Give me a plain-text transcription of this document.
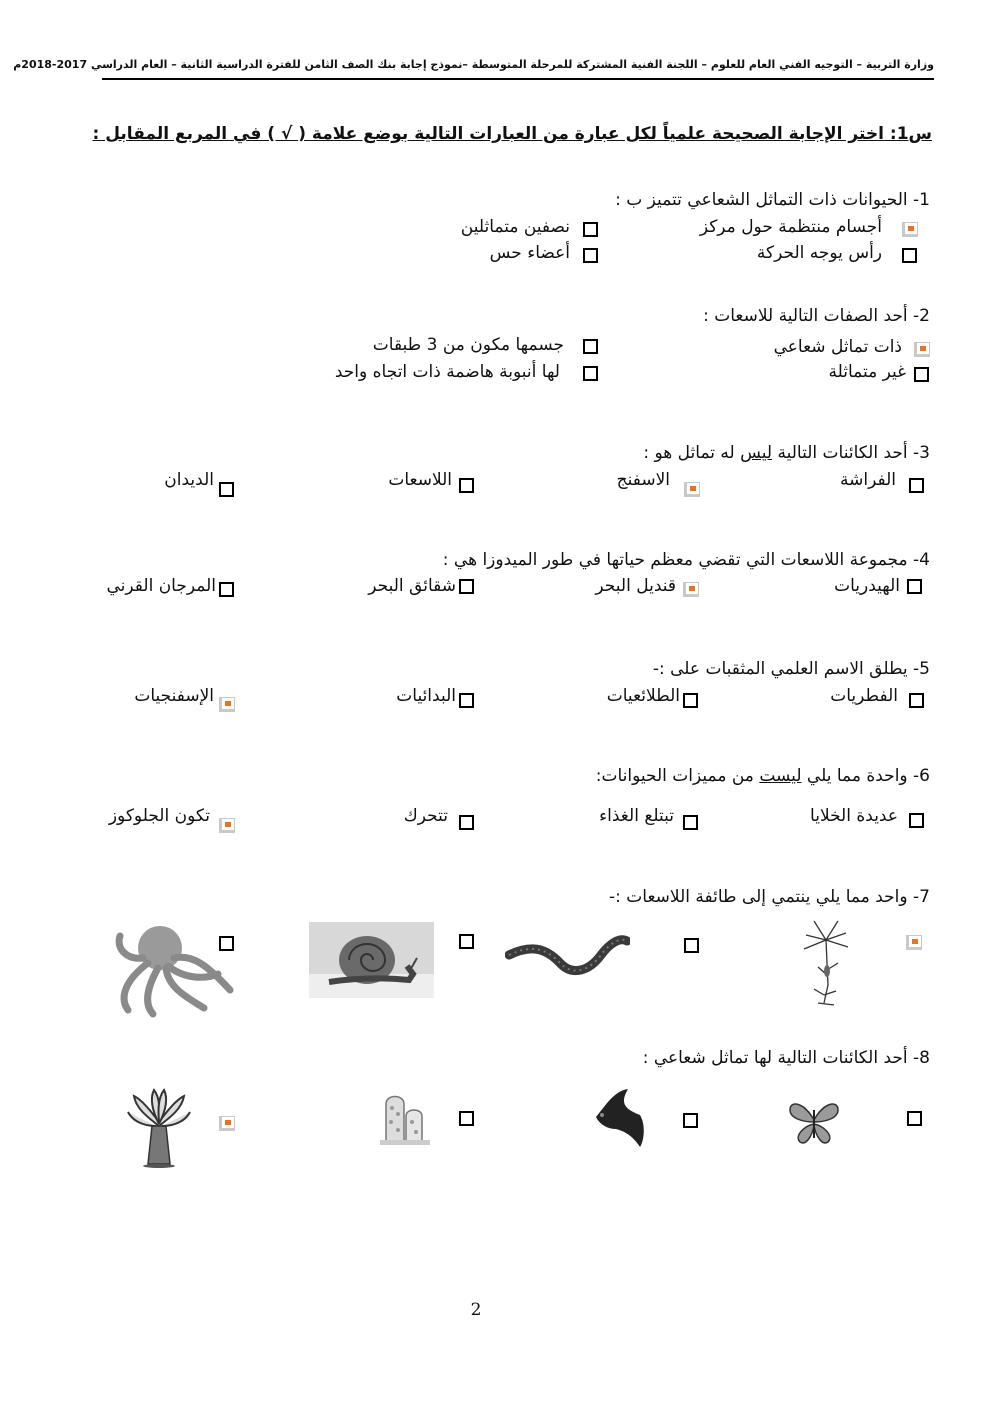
وزارة التربية – التوجيه الفني العام للعلوم – اللجنة الفنية المشتركة للمرحلة المتوسطة –نموذج إجابة بنك الصف الثامن للفترة الدراسية الثانية – العام الدراسي 2017-2018م
س1: اختر الإجابة الصحيحة علمياً لكل عبارة من العبارات التالية بوضع علامة ( √ ) في المربع المقابل :
1- الحيوانات ذات التماثل الشعاعي تتميز ب :
أجسام منتظمة حول مركز
نصفين متماثلين
رأس يوجه الحركة
أعضاء حس
2- أحد الصفات التالية للاسعات :
ذات تماثل شعاعي
جسمها مكون من 3 طبقات
غير متماثلة
لها أنبوبة هاضمة ذات اتجاه واحد
3- أحد الكائنات التالية ليس له تماثل هو :
الفراشة
الاسفنج
اللاسعات
الديدان
4- مجموعة اللاسعات التي تقضي معظم حياتها في طور الميدوزا هي :
الهيدريات
قنديل البحر
شقائق البحر
المرجان القرني
5- يطلق الاسم العلمي المثقبات على :-
الفطريات
الطلائعيات
البدائيات
الإسفنجيات
6- واحدة مما يلي ليست من مميزات الحيوانات:
عديدة الخلايا
تبتلع الغذاء
تتحرك
تكون الجلوكوز
7- واحد مما يلي ينتمي إلى طائفة اللاسعات :-
8- أحد الكائنات التالية لها تماثل شعاعي :
2
